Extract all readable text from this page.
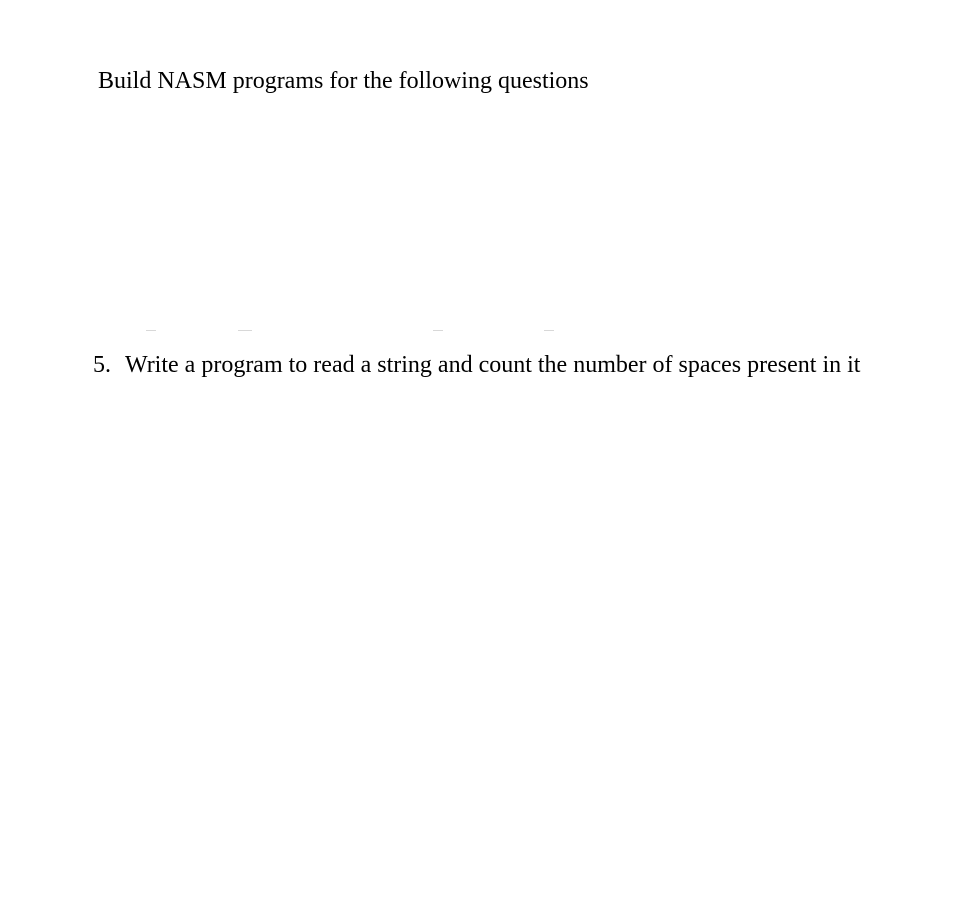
Build NASM programs for the following questions
5. Write a program to read a string and count the number of spaces present in it
